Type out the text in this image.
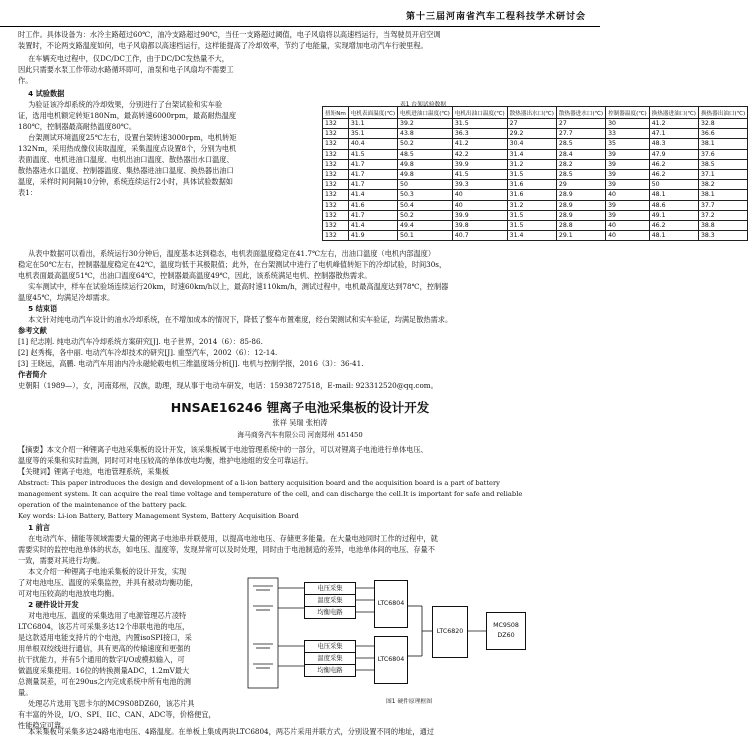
第十三届河南省汽车工程科技学术研讨会
时工作。具体设备为：水冷主路超过60℃，油冷支路超过90℃，当任一支路超过阈值，电子风扇将以高速档运行，当驾驶员开启空调
装置时，不论两支路温度如何，电子风扇都以高速档运行，这样能提高了冷却效率，节约了电能量，实现增加电动汽车行驶里程。
在车辆充电过程中，仅DC/DC工作，由于DC/DC发热量不大，
因此只需要水泵工作带动水路循环即可，油泵和电子风扇均不需要工
作。
4 试验数据
为验证该冷却系统的冷却效果，分别进行了台架试验和实车验
证，选用电机额定转矩180Nm，最高转速6000rpm，最高耐热温度
180℃，控制器最高耐热温度80℃。
台架测试环境温度25℃左右，设置台架转速3000rpm，电机转矩
132Nm，采用热成像仪读取温度，采集温度点设置8个，分别为电机
表面温度、电机进油口温度、电机出油口温度、散热器出水口温度、
散热器进水口温度、控制器温度、集热器进油口温度、换热器出油口
温度，采样时间间隔10分钟，系统连续运行2小时，具体试验数据如
表1：
表1 台架试验数据
扭矩Nm	电机表面温度(℃)	电机进油口温度(℃)	电机出油口温度(℃)	散热器出水口(℃)	散热器进水口(℃)	控制器温度(℃)	换热器进油口(℃)	换热器出油口(℃)
132	31.1	39.2	31.5	27	27	30	41.2	32.8
132	35.1	43.8	36.3	29.2	27.7	33	47.1	36.6
132	40.4	50.2	41.2	30.4	28.5	35	48.3	38.1
132	41.5	48.5	42.2	31.4	28.4	39	47.9	37.6
132	41.7	49.8	39.9	31.2	28.2	39	46.2	38.5
132	41.7	49.8	41.5	31.5	28.5	39	46.2	37.1
132	41.7	50	39.3	31.6	29	39	50	38.2
132	41.4	50.3	40	31.6	28.9	40	48.1	38.1
132	41.6	50.4	40	31.2	28.9	39	48.6	37.7
132	41.7	50.2	39.9	31.5	28.9	39	49.1	37.2
132	41.4	49.4	39.8	31.5	28.8	40	46.2	38.8
132	41.9	50.1	40.7	31.4	29.1	40	48.1	38.3
从表中数据可以看出，系统运行30分钟后，温度基本达到稳态，电机表面温度稳定在41.7℃左右，出油口温度（电机内部温度）
稳定在50℃左右，控制器温度稳定在42℃，温度均低于其极限值；此外，在台架测试中进行了电机峰值转矩下的冷却试验，时间30s，
电机表面最高温度51℃，出油口温度64℃，控制器最高温度49℃，因此，该系统满足电机、控制器散热需求。
实车测试中，样车在试验场连续运行20km，时速60km/h以上，最高时速110km/h，测试过程中，电机最高温度达到78℃，控制器
温度45℃，均满足冷却需求。
5 结束语
本文针对纯电动汽车设计的油水冷却系统，在不增加成本的情况下，降低了整车布置难度，经台架测试和实车验证，均满足散热需求。
参考文献
[1] 纪志刚. 纯电动汽车冷却系统方案研究[J]. 电子世界，2014（6）：85-86.
[2] 赵秀梅，各中丽. 电动汽车冷却技术的研究[J]. 重型汽车，2002（6）：12-14.
[3] 王晓远，高鹏. 电动汽车用油内冷永磁轮毂电机三维温度场分析[J]. 电机与控制学报，2016（3）：36-41.
作者简介
史朝阳（1989—），女，河南郑州，汉族，助理，现从事于电动车研发，电话：15938727518，E-mail: 923312520@qq.com。
HNSAE16246 锂离子电池采集板的设计开发
张祥 吴瑞 张柏涛
海马商务汽车有限公司 河南郑州 451450
【摘要】本文介绍一种锂离子电池采集板的设计开发，该采集板属于电池管理系统中的一部分，可以对锂离子电池进行单体电压、
温度等的采集和实时监测，同时可对电压较高的单体放电均衡，维护电池组的安全可靠运行。
【关键词】锂离子电池，电池管理系统，采集板
Abstract: This paper introduces the design and development of a li-ion battery acquisition board and the acquisition board is a part of battery
management system. It can acquire the real time voltage and temperature of the cell, and can discharge the cell.It is important for safe and reliable
operation of the maintenance of the battery pack.
Key words: Li-ion Battery, Battery Management System, Battery Acquisition Board
1 前言
在电动汽车、储能等领域需要大量的锂离子电池串并联使用，以提高电池电压、存储更多能量。在大量电池同时工作的过程中，就
需要实时的监控电池单体的状态，如电压、温度等，发现异常可以及时处理，同时由于电池制造的差异，电池单体间的电压、存量不
一致，需要对其进行均衡。
本文介绍一种锂离子电池采集板的设计开发，实现
了对电池电压、温度的采集监控，并具有被动均衡功能，
可对电压较高的电池放电均衡。
2 硬件设计开发
对电池电压、温度的采集选用了电源管理芯片凌特
LTC6804，该芯片可采集多达12个串联电池的电压，
是这款适用电能支持片的个电池，内置isoSPI接口，采
用单根双绞线进行通信，具有更高的传输速度和更强的
抗干扰能力，并有5个通用的数字I/O或模拟输入，可
做温度采集使用。16位的转换测量ADC，1.2mV最大
总测量误差，可在290us之内完成系统中所有电池的测
量。
处理芯片选用飞思卡尔的MC9S08DZ60，该芯片具
有丰富的外设，I/O、SPI、IIC、CAN、ADC等，价格便宜，
性能稳定可靠。
本采集板可采集多达24路电池电压、4路温度。在单板上集成两块LTC6804，两芯片采用并联方式，分别设置不同的地址，通过
电压采集
温度采集
均衡电路
电压采集
温度采集
均衡电路
LTC6804
LTC6804
LTC6820
MC9S08
DZ60
图1 硬件原理框图
